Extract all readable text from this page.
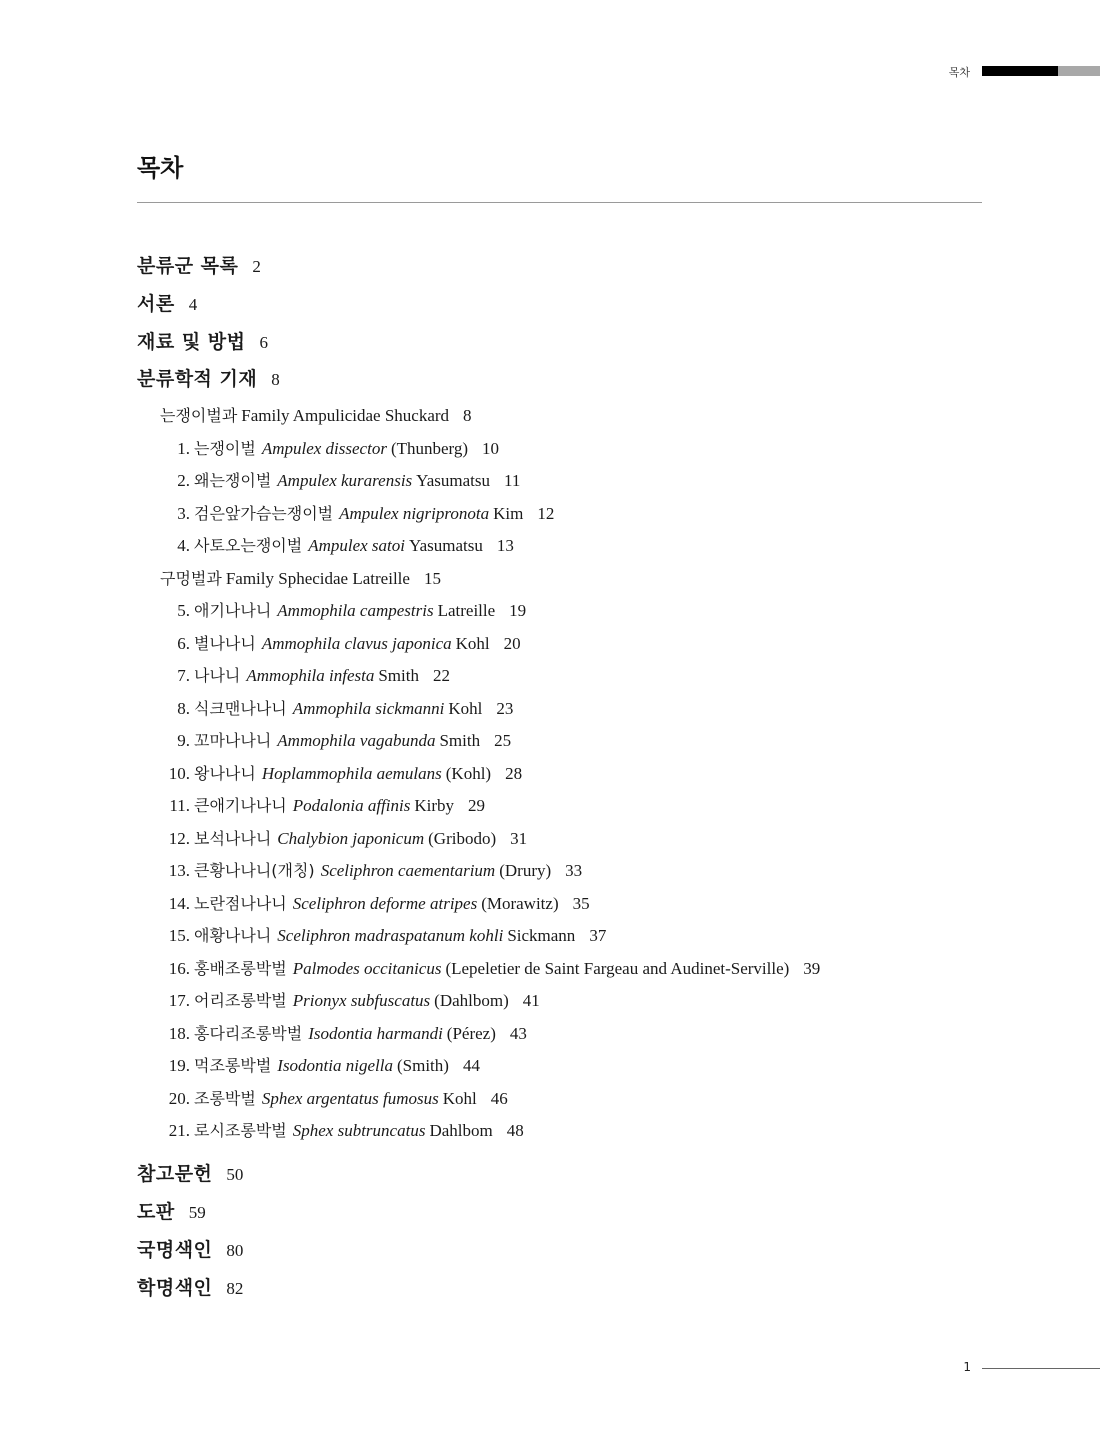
목차
목차
분류군 목록 2
서론 4
재료 및 방법 6
분류학적 기재 8
는쟁이벌과 Family Ampulicidae Shuckard 8
1. 는쟁이벌 Ampulex dissector (Thunberg) 10
2. 왜는쟁이벌 Ampulex kurarensis Yasumatsu 11
3. 검은앞가슴는쟁이벌 Ampulex nigripronota Kim 12
4. 사토오는쟁이벌 Ampulex satoi Yasumatsu 13
구멍벌과 Family Sphecidae Latreille 15
5. 애기나나니 Ammophila campestris Latreille 19
6. 별나나니 Ammophila clavus japonica Kohl 20
7. 나나니 Ammophila infesta Smith 22
8. 식크맨나나니 Ammophila sickmanni Kohl 23
9. 꼬마나나니 Ammophila vagabunda Smith 25
10. 왕나나니 Hoplammophila aemulans (Kohl) 28
11. 큰애기나나니 Podalonia affinis Kirby 29
12. 보석나나니 Chalybion japonicum (Gribodo) 31
13. 큰황나나니(개칭) Sceliphron caementarium (Drury) 33
14. 노란점나나니 Sceliphron deforme atripes (Morawitz) 35
15. 애황나나니 Sceliphron madraspatanum kohli Sickmann 37
16. 홍배조롱박벌 Palmodes occitanicus (Lepeletier de Saint Fargeau and Audinet-Serville) 39
17. 어리조롱박벌 Prionyx subfuscatus (Dahlbom) 41
18. 홍다리조롱박벌 Isodontia harmandi (Pérez) 43
19. 먹조롱박벌 Isodontia nigella (Smith) 44
20. 조롱박벌 Sphex argentatus fumosus Kohl 46
21. 로시조롱박벌 Sphex subtruncatus Dahlbom 48
참고문헌 50
도판 59
국명색인 80
학명색인 82
1
